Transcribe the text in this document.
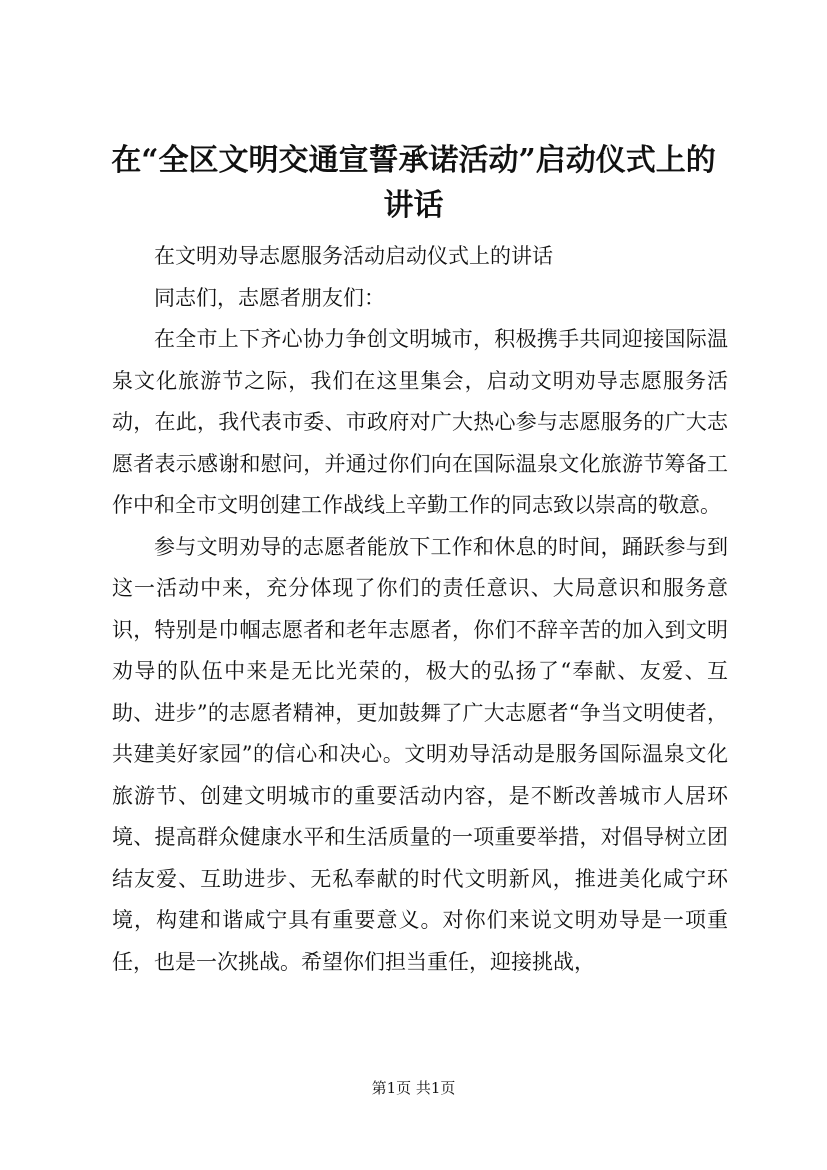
在“全区文明交通宣誓承诺活动”启动仪式上的讲话

在文明劝导志愿服务活动启动仪式上的讲话

同志们，志愿者朋友们：

在全市上下齐心协力争创文明城市，积极携手共同迎接国际温泉文化旅游节之际，我们在这里集会，启动文明劝导志愿服务活动，在此，我代表市委、市政府对广大热心参与志愿服务的广大志愿者表示感谢和慰问，并通过你们向在国际温泉文化旅游节筹备工作中和全市文明创建工作战线上辛勤工作的同志致以崇高的敬意。

参与文明劝导的志愿者能放下工作和休息的时间，踊跃参与到这一活动中来，充分体现了你们的责任意识、大局意识和服务意识，特别是巾帼志愿者和老年志愿者，你们不辞辛苦的加入到文明劝导的队伍中来是无比光荣的，极大的弘扬了“奉献、友爱、互助、进步”的志愿者精神，更加鼓舞了广大志愿者“争当文明使者，共建美好家园”的信心和决心。文明劝导活动是服务国际温泉文化旅游节、创建文明城市的重要活动内容，是不断改善城市人居环境、提高群众健康水平和生活质量的一项重要举措，对倡导树立团结友爱、互助进步、无私奉献的时代文明新风，推进美化咸宁环境，构建和谐咸宁具有重要意义。对你们来说文明劝导是一项重任，也是一次挑战。希望你们担当重任，迎接挑战，

第1页 共1页
